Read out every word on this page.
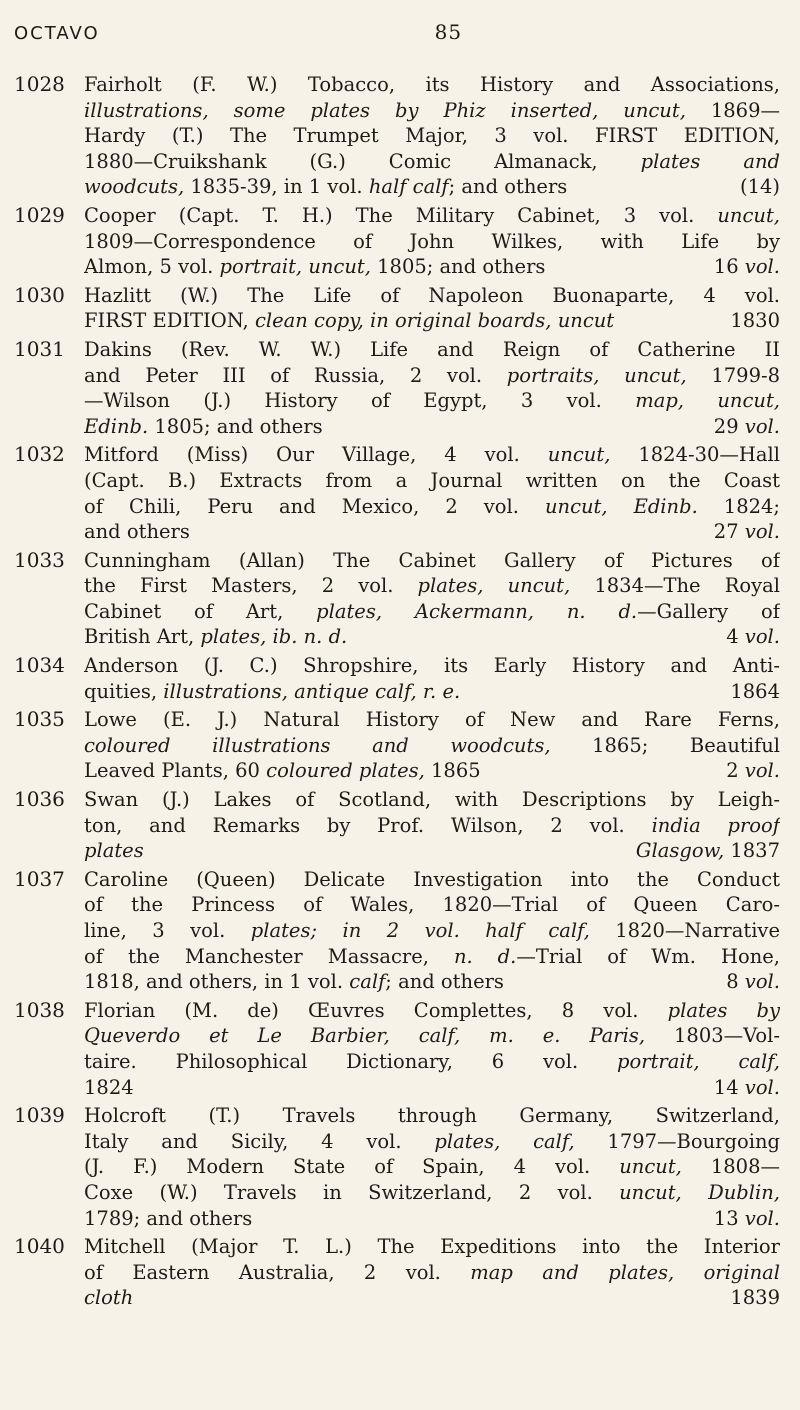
OCTAVO	85
1028 Fairholt (F. W.) Tobacco, its History and Associations,
illustrations, some plates by Phiz inserted, uncut, 1869—
Hardy (T.) The Trumpet Major, 3 vol. FIRST EDITION,
1880—Cruikshank (G.) Comic Almanack, plates and
woodcuts, 1835-39, in 1 vol. half calf; and others	(14)
1029 Cooper (Capt. T. H.) The Military Cabinet, 3 vol. uncut,
1809—Correspondence of John Wilkes, with Life by
Almon, 5 vol. portrait, uncut, 1805; and others	16 vol.
1030 Hazlitt (W.) The Life of Napoleon Buonaparte, 4 vol.
FIRST EDITION, clean copy, in original boards, uncut	1830
1031 Dakins (Rev. W. W.) Life and Reign of Catherine II
and Peter III of Russia, 2 vol. portraits, uncut, 1799-8
—Wilson (J.) History of Egypt, 3 vol. map, uncut,
Edinb. 1805; and others	29 vol.
1032 Mitford (Miss) Our Village, 4 vol. uncut, 1824-30—Hall
(Capt. B.) Extracts from a Journal written on the Coast
of Chili, Peru and Mexico, 2 vol. uncut, Edinb. 1824;
and others	27 vol.
1033 Cunningham (Allan) The Cabinet Gallery of Pictures of
the First Masters, 2 vol. plates, uncut, 1834—The Royal
Cabinet of Art, plates, Ackermann, n. d.—Gallery of
British Art, plates, ib. n. d.	4 vol.
1034 Anderson (J. C.) Shropshire, its Early History and Anti-
quities, illustrations, antique calf, r. e.	1864
1035 Lowe (E. J.) Natural History of New and Rare Ferns,
coloured illustrations and woodcuts, 1865; Beautiful
Leaved Plants, 60 coloured plates, 1865	2 vol.
1036 Swan (J.) Lakes of Scotland, with Descriptions by Leigh-
ton, and Remarks by Prof. Wilson, 2 vol. india proof
plates	Glasgow, 1837
1037 Caroline (Queen) Delicate Investigation into the Conduct
of the Princess of Wales, 1820—Trial of Queen Caro-
line, 3 vol. plates; in 2 vol. half calf, 1820—Narrative
of the Manchester Massacre, n. d.—Trial of Wm. Hone,
1818, and others, in 1 vol. calf; and others	8 vol.
1038 Florian (M. de) Œuvres Complettes, 8 vol. plates by
Queverdo et Le Barbier, calf, m. e. Paris, 1803—Vol-
taire. Philosophical Dictionary, 6 vol. portrait, calf,
1824	14 vol.
1039 Holcroft (T.) Travels through Germany, Switzerland,
Italy and Sicily, 4 vol. plates, calf, 1797—Bourgoing
(J. F.) Modern State of Spain, 4 vol. uncut, 1808—
Coxe (W.) Travels in Switzerland, 2 vol. uncut, Dublin,
1789; and others	13 vol.
1040 Mitchell (Major T. L.) The Expeditions into the Interior
of Eastern Australia, 2 vol. map and plates, original
cloth	1839
